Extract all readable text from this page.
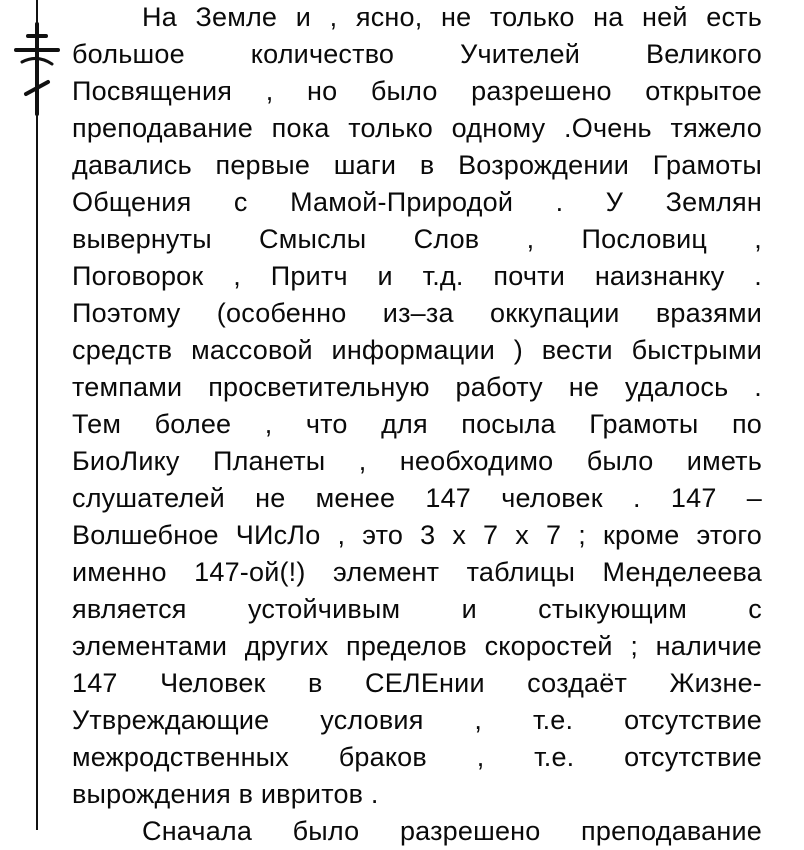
На Земле и , ясно, не только на ней есть
большое количество Учителей Великого
Посвящения , но было разрешено открытое
преподавание пока только одному .Очень тяжело
давались первые шаги в Возрождении Грамоты
Общения с Мамой-Природой . У Землян
вывернуты Смыслы Слов , Пословиц ,
Поговорок , Притч и т.д. почти наизнанку .
Поэтому (особенно из–за оккупации вразями
средств массовой информации ) вести быстрыми
темпами просветительную работу не удалось .
Тем более , что для посыла Грамоты по
БиоЛику Планеты , необходимо было иметь
слушателей не менее 147 человек . 147 –
Волшебное ЧИсЛо , это 3 х 7 х 7 ; кроме этого
именно 147-ой(!) элемент таблицы Менделеева
является устойчивым и стыкующим с
элементами других пределов скоростей ; наличие
147 Человек в СЕЛЕнии создаёт Жизне-
Утвреждающие условия , т.е. отсутствие
межродственных браков , т.е. отсутствие
вырождения в ивритов .
Сначала было разрешено преподавание
